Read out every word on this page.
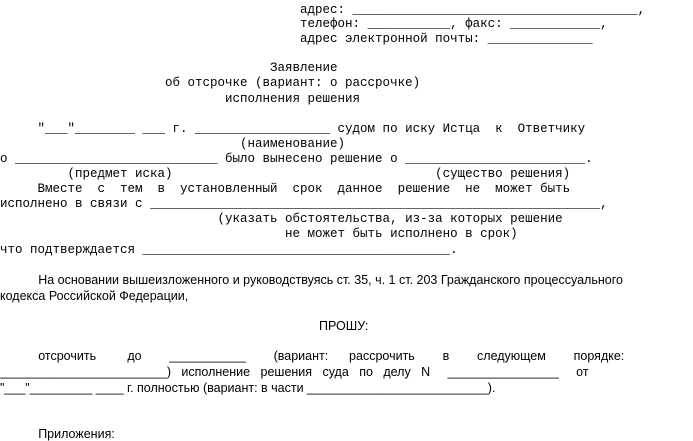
адрес: ______________________________________,
телефон: ___________, факс: ____________,
адрес электронной почты: ______________
Заявление
об отсрочке (вариант: о рассрочке)
исполнения решения
"___"________ ___ г. __________________ судом по иску Истца  к  Ответчику
(наименование)
о ___________________________ было вынесено решение о ________________________.
(предмет иска)                                   (существо решения)
Вместе  с  тем  в  установленный  срок  данное  решение  не  может быть
исполнено в связи с ____________________________________________________________,
(указать обстоятельства, из-за которых решение
не может быть исполнено в срок)
что подтверждается _________________________________________.
На основании вышеизложенного и руководствуясь ст. 35, ч. 1 ст. 203 Гражданского процессуального
кодекса Российской Федерации,
ПРОШУ:
отсрочить         до        ___________        (вариант:      рассрочить        в        следующем        порядке:
________________________)   исполнение   решения   суда   по   делу   N     ________________     от
"___"_________ ____ г. полностью (вариант: в части __________________________).
Приложения:
